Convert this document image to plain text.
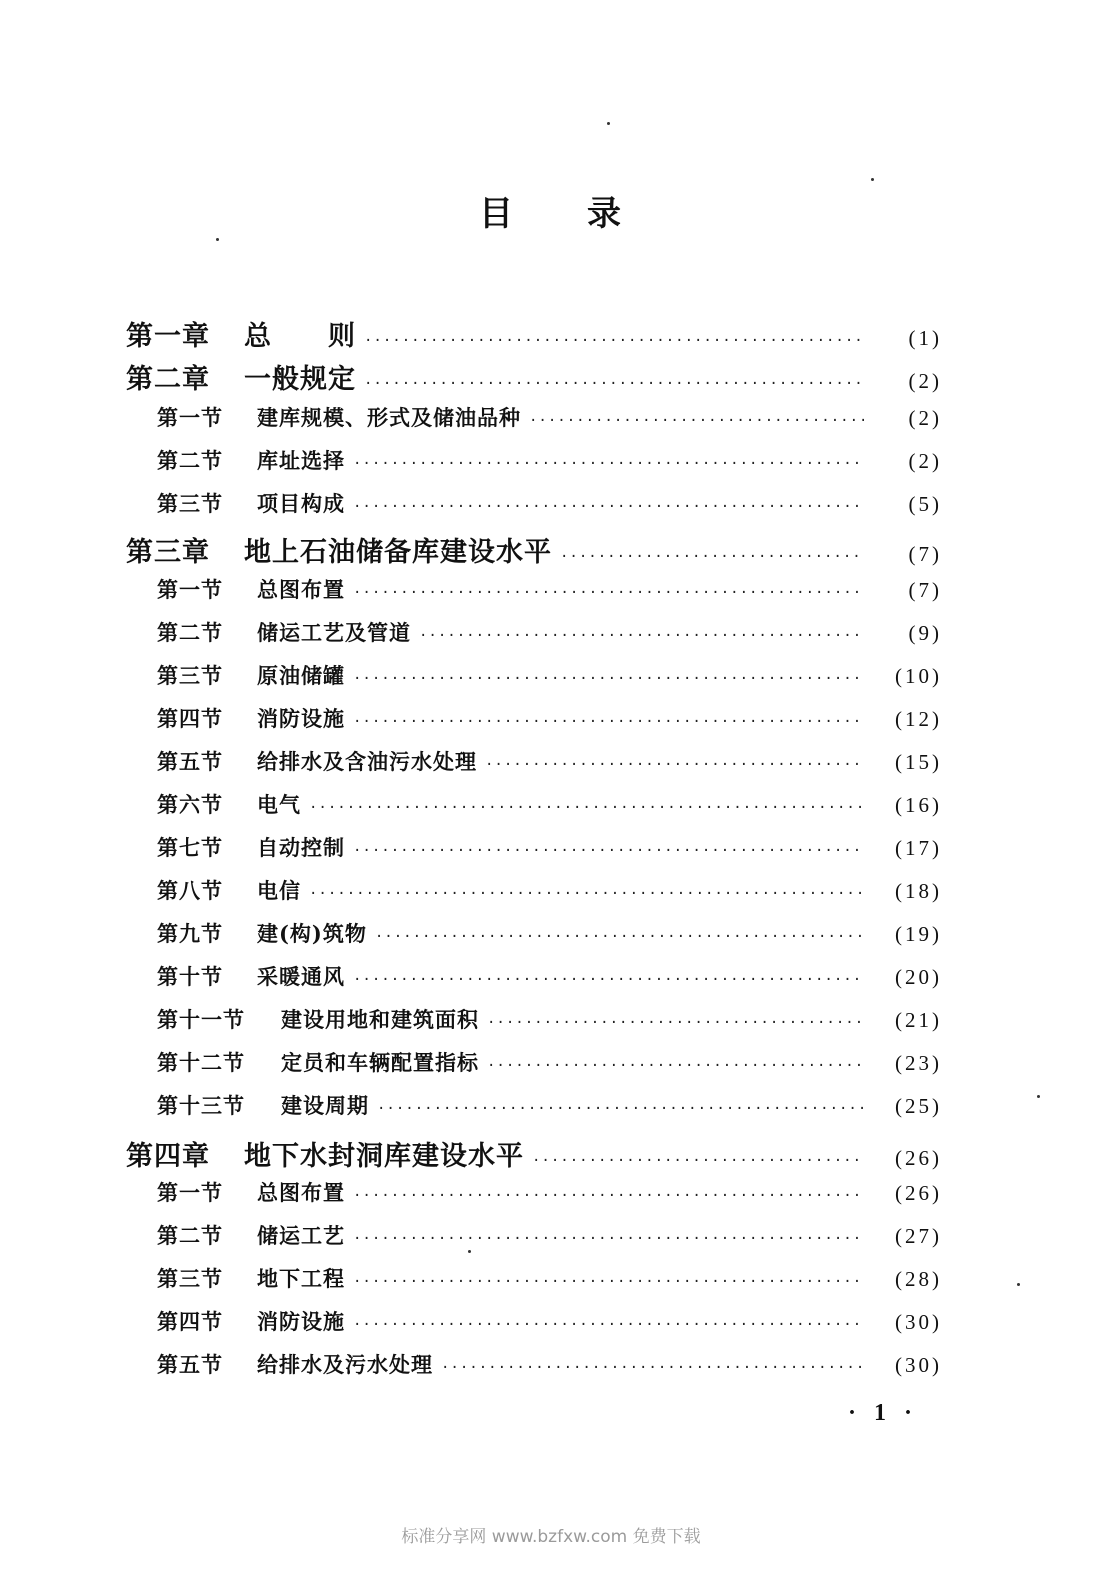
目 录
第一章	总　　则 ·····	(1)
第二章	一般规定 ·····	(2)
第一节	建库规模、形式及储油品种 ·····	(2)
第二节	库址选择 ·····	(2)
第三节	项目构成 ·····	(5)
第三章	地上石油储备库建设水平 ·····	(7)
第一节	总图布置 ·····	(7)
第二节	储运工艺及管道 ·····	(9)
第三节	原油储罐 ·····	(10)
第四节	消防设施 ·····	(12)
第五节	给排水及含油污水处理 ·····	(15)
第六节	电气 ·····	(16)
第七节	自动控制 ·····	(17)
第八节	电信 ·····	(18)
第九节	建(构)筑物 ·····	(19)
第十节	采暖通风 ·····	(20)
第十一节	建设用地和建筑面积 ·····	(21)
第十二节	定员和车辆配置指标 ·····	(23)
第十三节	建设周期 ·····	(25)
第四章	地下水封洞库建设水平 ·····	(26)
第一节	总图布置 ·····	(26)
第二节	储运工艺 ·····	(27)
第三节	地下工程 ·····	(28)
第四节	消防设施 ·····	(30)
第五节	给排水及污水处理 ·····	(30)
· 1 ·
标准分享网 www.bzfxw.com 免费下载
